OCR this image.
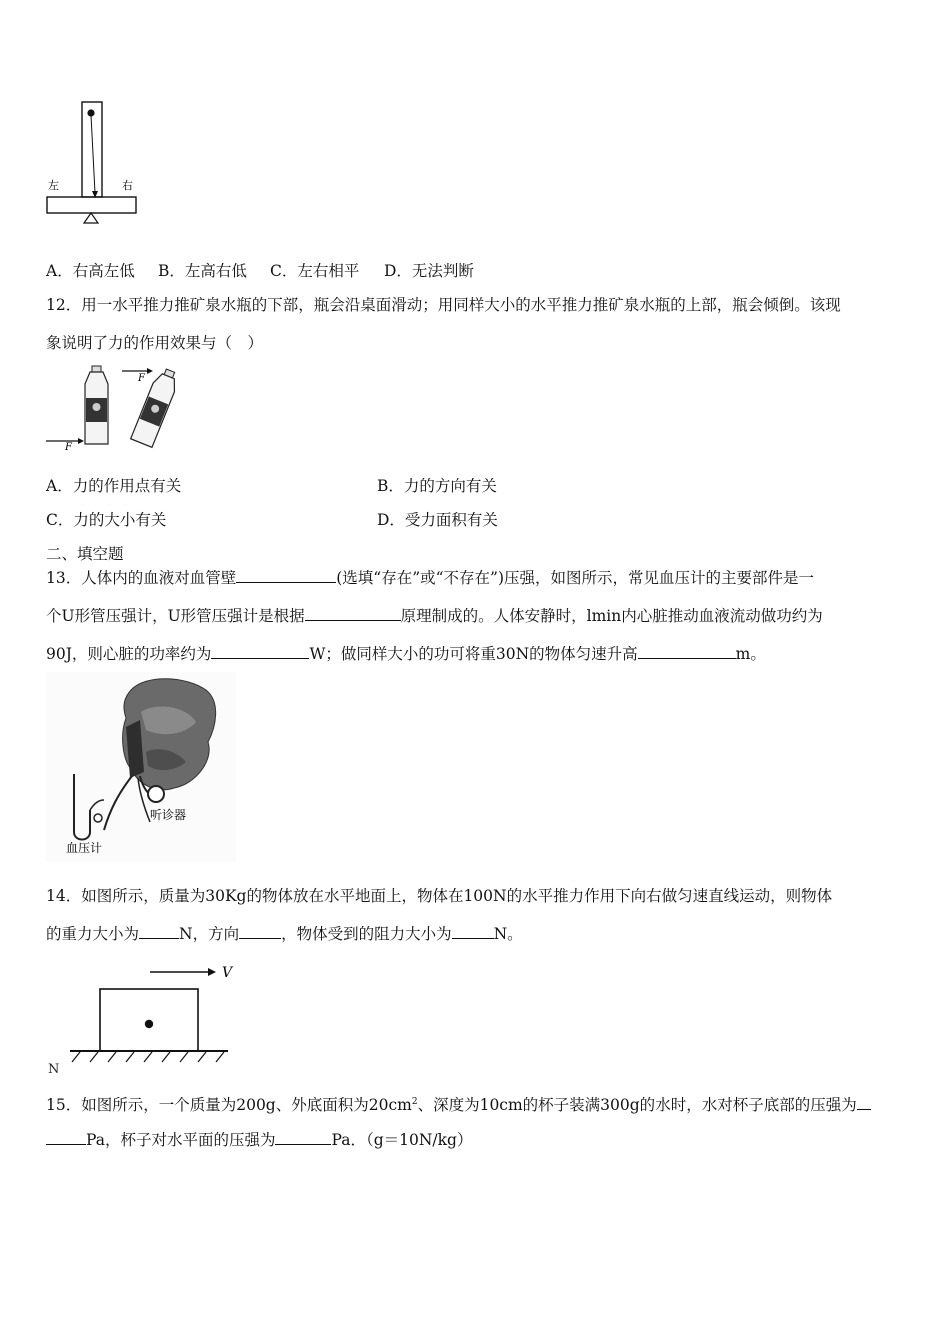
左	右
A．右高左低 B．左高右低 C．左右相平 D．无法判断
12．用一水平推力推矿泉水瓶的下部，瓶会沿桌面滑动；用同样大小的水平推力推矿泉水瓶的上部，瓶会倾倒。该现
象说明了力的作用效果与（　）
F
F
A．力的作用点有关	B．力的方向有关
C．力的大小有关	D．受力面积有关
二、填空题
13．人体内的血液对血管壁	(选填“存在”或“不存在”)压强，如图所示，常见血压计的主要部件是一
个U形管压强计，U形管压强计是根据	原理制成的。人体安静时，lmin内心脏推动血液流动做功约为
90J，则心脏的功率约为	W；做同样大小的功可将重30N的物体匀速升高	m。
听诊器
血压计
14．如图所示，质量为30Kg的物体放在水平地面上，物体在100N的水平推力作用下向右做匀速直线运动，则物体
的重力大小为	N，方向	，物体受到的阻力大小为	N。
V
N
15．如图所示，一个质量为200g、外底面积为$20cm^2$、深度为10cm的杯子装满300g的水时，水对杯子底部的压强为
Pa，杯子对水平面的压强为	Pa．（g＝10N/kg）
